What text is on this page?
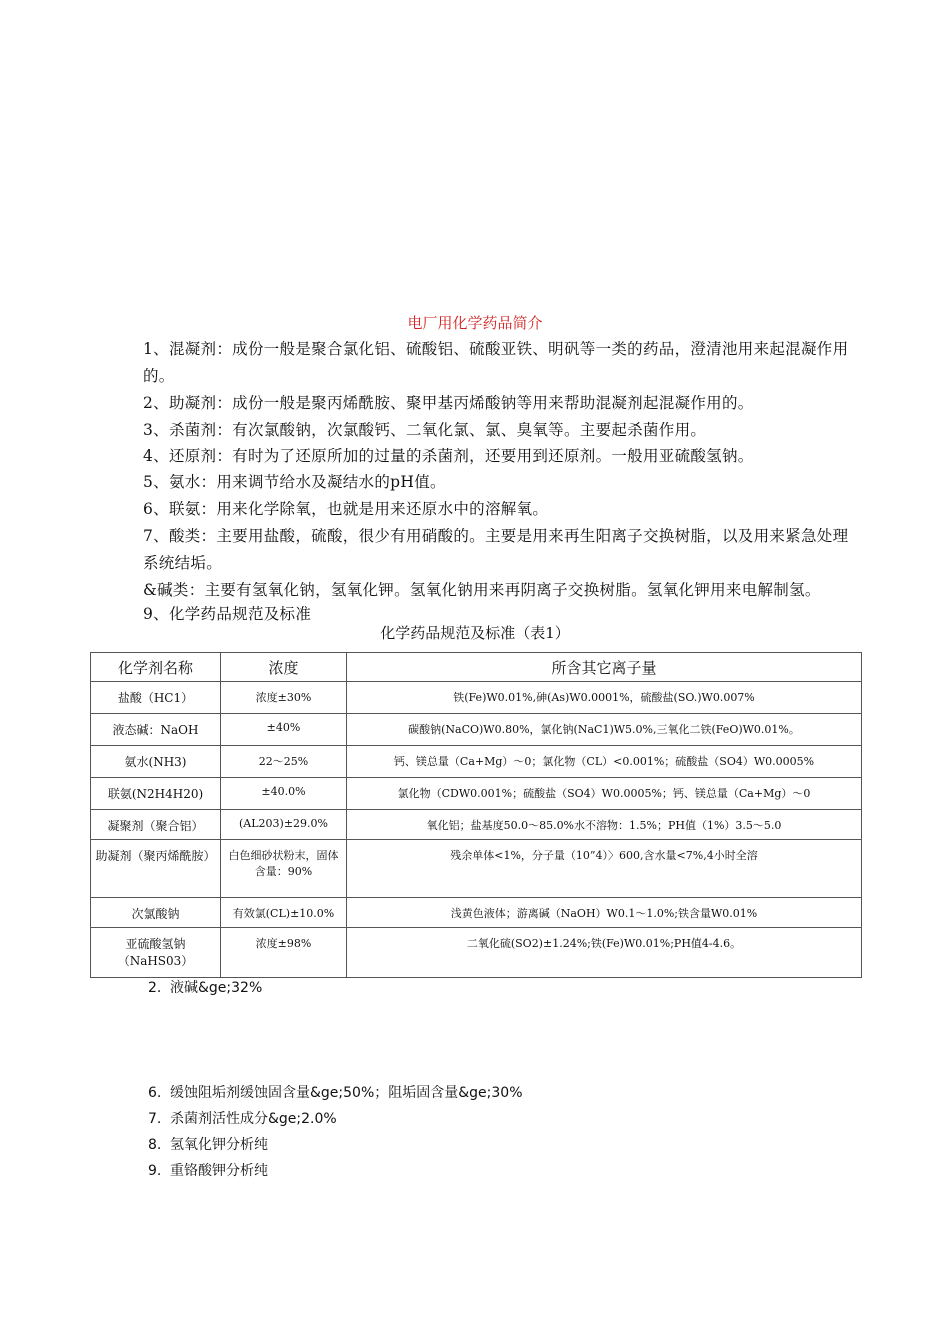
电厂用化学药品简介

1、混凝剂：成份一般是聚合氯化铝、硫酸铝、硫酸亚铁、明矾等一类的药品，澄清池用来起混凝作用的。

2、助凝剂：成份一般是聚丙烯酰胺、聚甲基丙烯酸钠等用来帮助混凝剂起混凝作用的。

3、杀菌剂：有次氯酸钠，次氯酸钙、二氧化氯、氯、臭氧等。主要起杀菌作用。

4、还原剂：有时为了还原所加的过量的杀菌剂，还要用到还原剂。一般用亚硫酸氢钠。

5、氨水：用来调节给水及凝结水的pH值。

6、联氨：用来化学除氧，也就是用来还原水中的溶解氧。

7、酸类：主要用盐酸，硫酸，很少有用硝酸的。主要是用来再生阳离子交换树脂，以及用来紧急处理系统结垢。

&碱类：主要有氢氧化钠，氢氧化钾。氢氧化钠用来再阴离子交换树脂。氢氧化钾用来电解制氢。

9、化学药品规范及标准

化学药品规范及标准（表1）

化学剂名称	浓度	所含其它离子量
盐酸（HC1）	浓度±30%	铁(Fe)W0.01%,砷(As)W0.0001%，硫酸盐(SO.)W0.007%
液态碱：NaOH	±40%	碳酸钠(NaCO)W0.80%，氯化钠(NaC1)W5.0%,三氧化二铁(FeO)W0.01%。
氨水(NH3)	22〜25%	钙、镁总量（Ca+Mg）〜0；氯化物（CL）<0.001%；硫酸盐（SO4）W0.0005%
联氨(N2H4H20)	±40.0%	氯化物（CDW0.001%；硫酸盐（SO4）W0.0005%；钙、镁总量（Ca+Mg）〜0
凝聚剂（聚合铝）	(AL203)±29.0%	氧化铝；盐基度50.0〜85.0%水不溶物：1.5%；PH值（1%）3.5〜5.0
助凝剂（聚丙烯酰胺）	白色细砂状粉末，固体含量：90%	残余单体<1%，分子量（10”4）〉600,含水量<7%,4小时全溶
次氯酸钠	有效氯(CL)±10.0%	浅黄色液体；游离碱（NaOH）W0.1〜1.0%;铁含量W0.01%
亚硫酸氢钠（NaHS03）	浓度±98%	二氧化硫(SO2)±1.24%;铁(Fe)W0.01%;PH值4-4.6。
2. 液碱&ge;32%
6. 缓蚀阻垢剂缓蚀固含量&ge;50%；阻垢固含量&ge;30%
7. 杀菌剂活性成分&ge;2.0%
8. 氢氧化钾分析纯
9. 重铬酸钾分析纯
